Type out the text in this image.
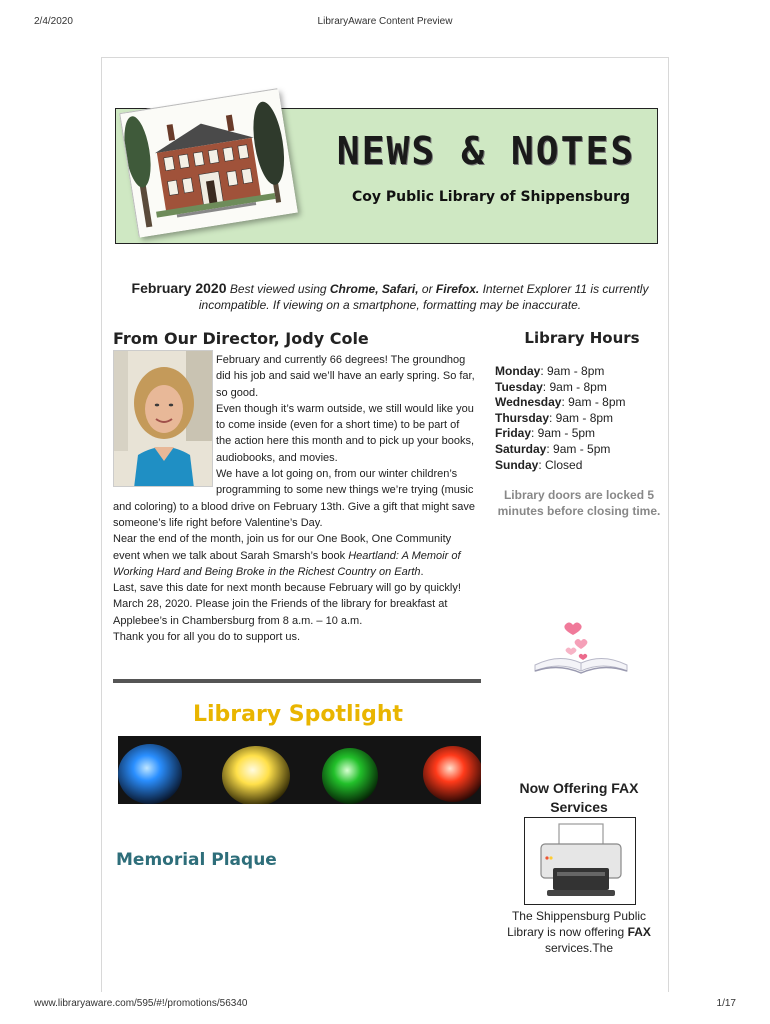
2/4/2020	LibraryAware Content Preview
NEWS & NOTES
Coy Public Library of Shippensburg
February 2020 Best viewed using Chrome, Safari, or Firefox. Internet Explorer 11 is currently incompatible. If viewing on a smartphone, formatting may be inaccurate.
From Our Director, Jody Cole

February and currently 66 degrees! The groundhog did his job and said we’ll have an early spring. So far, so good.

Even though it’s warm outside, we still would like you to come inside (even for a short time) to be part of the action here this month and to pick up your books, audiobooks, and movies.

We have a lot going on, from our winter children’s programming to some new things we’re trying (music and coloring) to a blood drive on February 13th. Give a gift that might save someone’s life right before Valentine’s Day.

Near the end of the month, join us for our One Book, One Community event when we talk about Sarah Smarsh’s book Heartland: A Memoir of Working Hard and Being Broke in the Richest Country on Earth.

Last, save this date for next month because February will go by quickly! March 28, 2020. Please join the Friends of the library for breakfast at Applebee’s in Chambersburg from 8 a.m. – 10 a.m.

Thank you for all you do to support us.

Library Hours
Monday: 9am - 8pm
Tuesday: 9am - 8pm
Wednesday: 9am - 8pm
Thursday: 9am - 8pm
Friday: 9am - 5pm
Saturday: 9am - 5pm
Sunday: Closed
Library doors are locked 5 minutes before closing time.
Library Spotlight
Memorial Plaque
Now Offering FAX Services
The Shippensburg Public Library is now offering FAX services.The
www.libraryaware.com/595/#!/promotions/56340	1/17
